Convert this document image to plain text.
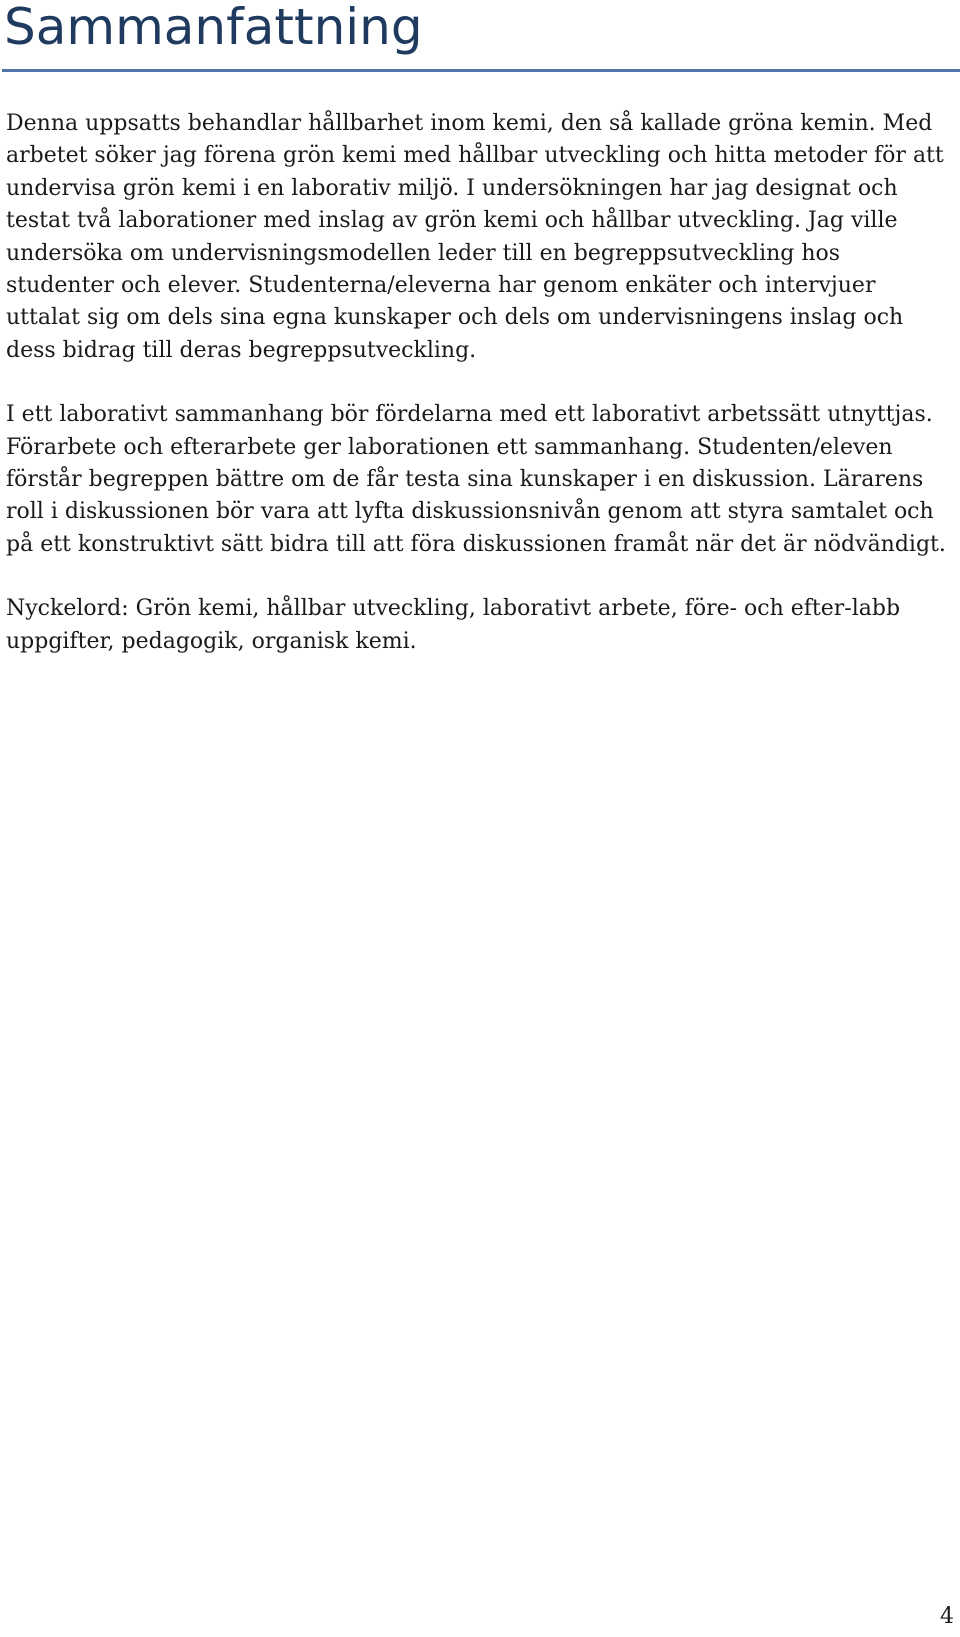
Sammanfattning

Denna uppsatts behandlar hållbarhet inom kemi, den så kallade gröna kemin. Med arbetet söker jag förena grön kemi med hållbar utveckling och hitta metoder för att undervisa grön kemi i en laborativ miljö. I undersökningen har jag designat och testat två laborationer med inslag av grön kemi och hållbar utveckling. Jag ville undersöka om undervisningsmodellen leder till en begreppsutveckling hos studenter och elever. Studenterna/eleverna har genom enkäter och intervjuer uttalat sig om dels sina egna kunskaper och dels om undervisningens inslag och dess bidrag till deras begreppsutveckling.

I ett laborativt sammanhang bör fördelarna med ett laborativt arbetssätt utnyttjas. Förarbete och efterarbete ger laborationen ett sammanhang. Studenten/eleven förstår begreppen bättre om de får testa sina kunskaper i en diskussion. Lärarens roll i diskussionen bör vara att lyfta diskussionsnivån genom att styra samtalet och på ett konstruktivt sätt bidra till att föra diskussionen framåt när det är nödvändigt.

Nyckelord: Grön kemi, hållbar utveckling, laborativt arbete, före- och efter-labb uppgifter, pedagogik, organisk kemi.

4
